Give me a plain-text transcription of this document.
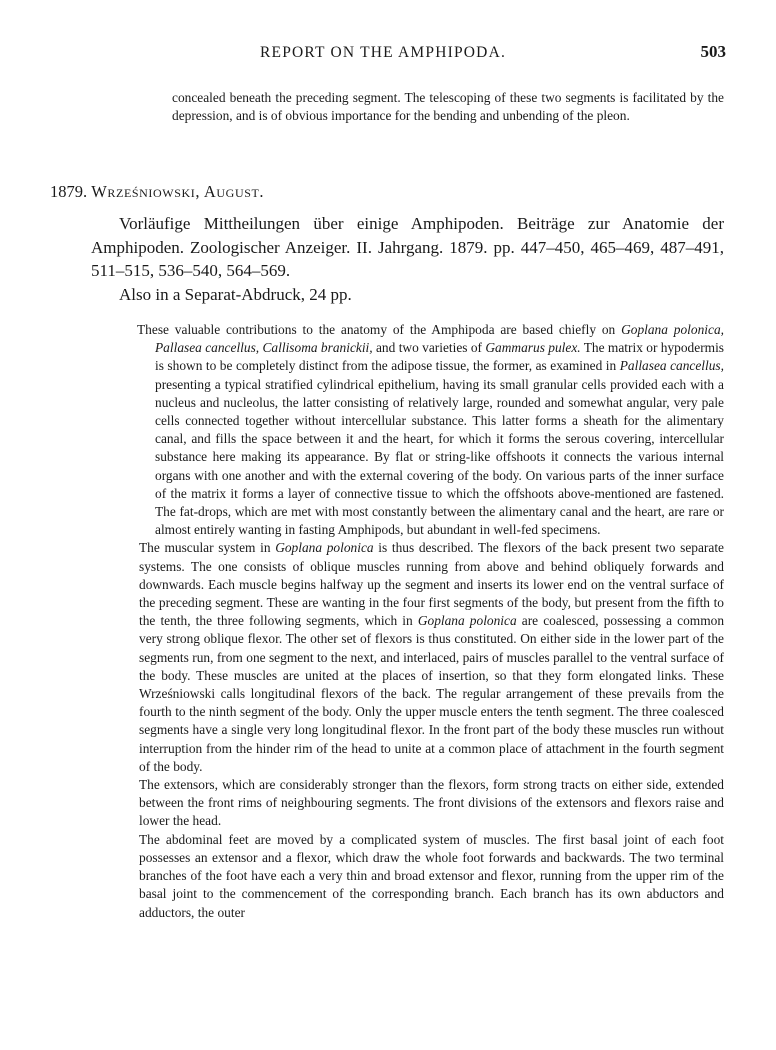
REPORT ON THE AMPHIPODA.	503

concealed beneath the preceding segment. The telescoping of these two segments is facilitated by the depression, and is of obvious importance for the bending and unbending of the pleon.

1879. Wrześniowski, August.

Vorläufige Mittheilungen über einige Amphipoden. Beiträge zur Anatomie der Amphipoden. Zoologischer Anzeiger. II. Jahrgang. 1879. pp. 447–450, 465–469, 487–491, 511–515, 536–540, 564–569.

Also in a Separat-Abdruck, 24 pp.

These valuable contributions to the anatomy of the Amphipoda are based chiefly on Goplana polonica, Pallasea cancellus, Callisoma branickii, and two varieties of Gammarus pulex. The matrix or hypodermis is shown to be completely distinct from the adipose tissue, the former, as examined in Pallasea cancellus, presenting a typical stratified cylindrical epithelium, having its small granular cells provided each with a nucleus and nucleolus, the latter consisting of relatively large, rounded and somewhat angular, very pale cells connected together without intercellular substance. This latter forms a sheath for the alimentary canal, and fills the space between it and the heart, for which it forms the serous covering, intercellular substance here making its appearance. By flat or string-like offshoots it connects the various internal organs with one another and with the external covering of the body. On various parts of the inner surface of the matrix it forms a layer of connective tissue to which the offshoots above-mentioned are fastened. The fat-drops, which are met with most constantly between the alimentary canal and the heart, are rare or almost entirely wanting in fasting Amphipods, but abundant in well-fed specimens.

The muscular system in Goplana polonica is thus described. The flexors of the back present two separate systems. The one consists of oblique muscles running from above and behind obliquely forwards and downwards. Each muscle begins halfway up the segment and inserts its lower end on the ventral surface of the preceding segment. These are wanting in the four first segments of the body, but present from the fifth to the tenth, the three following segments, which in Goplana polonica are coalesced, possessing a common very strong oblique flexor. The other set of flexors is thus constituted. On either side in the lower part of the segments run, from one segment to the next, and interlaced, pairs of muscles parallel to the ventral surface of the body. These muscles are united at the places of insertion, so that they form elongated links. These Wrześniowski calls longitudinal flexors of the back. The regular arrangement of these prevails from the fourth to the ninth segment of the body. Only the upper muscle enters the tenth segment. The three coalesced segments have a single very long longitudinal flexor. In the front part of the body these muscles run without interruption from the hinder rim of the head to unite at a common place of attachment in the fourth segment of the body.

The extensors, which are considerably stronger than the flexors, form strong tracts on either side, extended between the front rims of neighbouring segments. The front divisions of the extensors and flexors raise and lower the head.

The abdominal feet are moved by a complicated system of muscles. The first basal joint of each foot possesses an extensor and a flexor, which draw the whole foot forwards and backwards. The two terminal branches of the foot have each a very thin and broad extensor and flexor, running from the upper rim of the basal joint to the commencement of the corresponding branch. Each branch has its own abductors and adductors, the outer
